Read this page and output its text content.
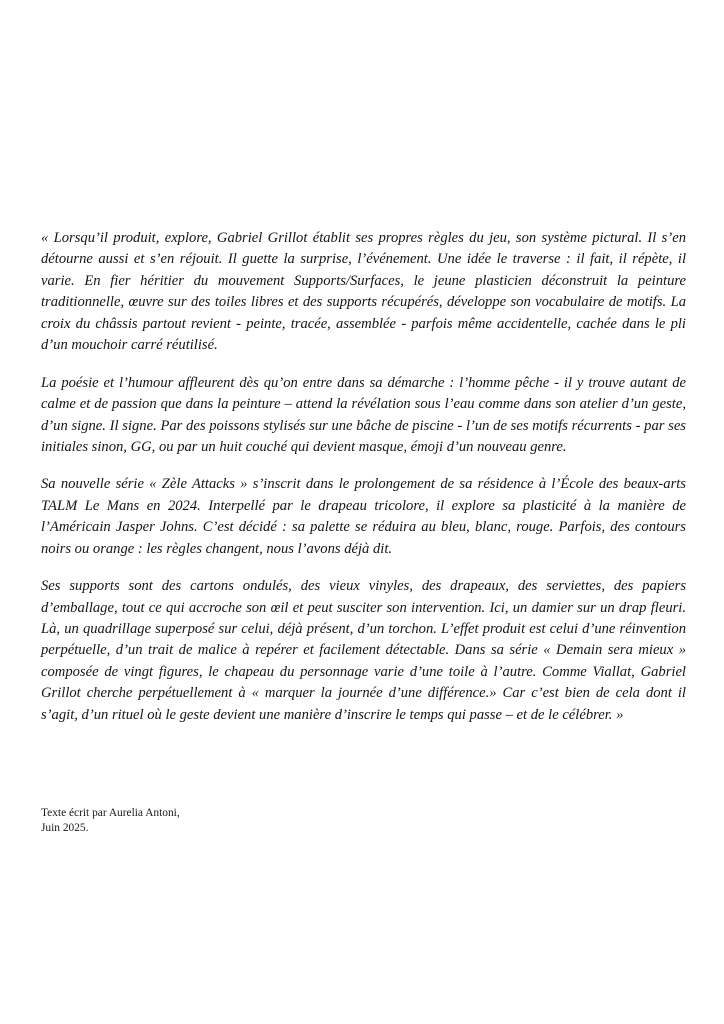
« Lorsqu’il produit, explore, Gabriel Grillot établit ses propres règles du jeu, son système pictural. Il s’en détourne aussi et s’en réjouit. Il guette la surprise, l’événement. Une idée le traverse : il fait, il répète, il varie. En fier héritier du mouvement Supports/Surfaces, le jeune plasticien déconstruit la peinture traditionnelle, œuvre sur des toiles libres et des supports récupérés, développe son vocabulaire de motifs. La croix du châssis partout revient - peinte, tracée, assemblée - parfois même accidentelle, cachée dans le pli d’un mouchoir carré réutilisé.

La poésie et l’humour affleurent dès qu’on entre dans sa démarche : l’homme pêche - il y trouve autant de calme et de passion que dans la peinture – attend la révélation sous l’eau comme dans son atelier d’un geste, d’un signe. Il signe. Par des poissons stylisés sur une bâche de piscine - l’un de ses motifs récurrents - par ses initiales sinon, GG, ou par un huit couché qui devient masque, émoji d’un nouveau genre.

Sa nouvelle série « Zèle Attacks » s’inscrit dans le prolongement de sa résidence à l’École des beaux-arts TALM Le Mans en 2024. Interpellé par le drapeau tricolore, il explore sa plasticité à la manière de l’Américain Jasper Johns. C’est décidé : sa palette se réduira au bleu, blanc, rouge. Parfois, des contours noirs ou orange : les règles changent, nous l’avons déjà dit.

Ses supports sont des cartons ondulés, des vieux vinyles, des drapeaux, des serviettes, des papiers d’emballage, tout ce qui accroche son œil et peut susciter son intervention. Ici, un damier sur un drap fleuri. Là, un quadrillage superposé sur celui, déjà présent, d’un torchon. L’effet produit est celui d’une réinvention perpétuelle, d’un trait de malice à repérer et facilement détectable. Dans sa série « Demain sera mieux » composée de vingt figures, le chapeau du personnage varie d’une toile à l’autre. Comme Viallat, Gabriel Grillot cherche perpétuellement à « marquer la journée d’une différence.» Car c’est bien de cela dont il s’agit, d’un rituel où le geste devient une manière d’inscrire le temps qui passe – et de le célébrer. »

Texte écrit par Aurelia Antoni,
Juin 2025.
